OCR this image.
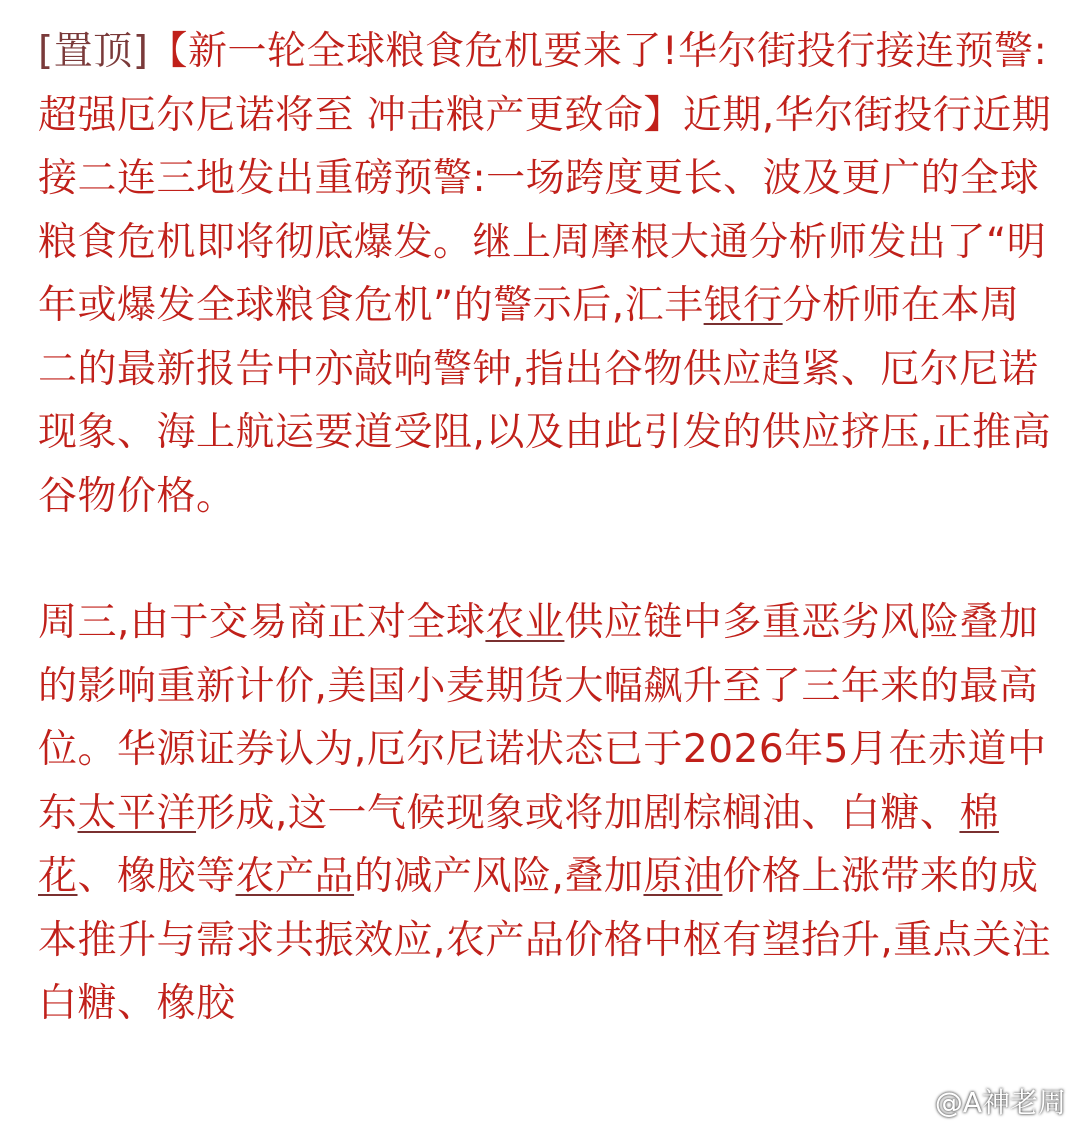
[置顶]【新一轮全球粮食危机要来了!华尔街投行接连预警:超强厄尔尼诺将至 冲击粮产更致命】近期,华尔街投行近期接二连三地发出重磅预警:一场跨度更长、波及更广的全球粮食危机即将彻底爆发。继上周摩根大通分析师发出了“明年或爆发全球粮食危机”的警示后,汇丰银行分析师在本周二的最新报告中亦敲响警钟,指出谷物供应趋紧、厄尔尼诺现象、海上航运要道受阻,以及由此引发的供应挤压,正推高谷物价格。

周三,由于交易商正对全球农业供应链中多重恶劣风险叠加的影响重新计价,美国小麦期货大幅飙升至了三年来的最高位。华源证券认为,厄尔尼诺状态已于2026年5月在赤道中东太平洋形成,这一气候现象或将加剧棕榈油、白糖、棉花、橡胶等农产品的减产风险,叠加原油价格上涨带来的成本推升与需求共振效应,农产品价格中枢有望抬升,重点关注白糖、橡胶

@A神老周
